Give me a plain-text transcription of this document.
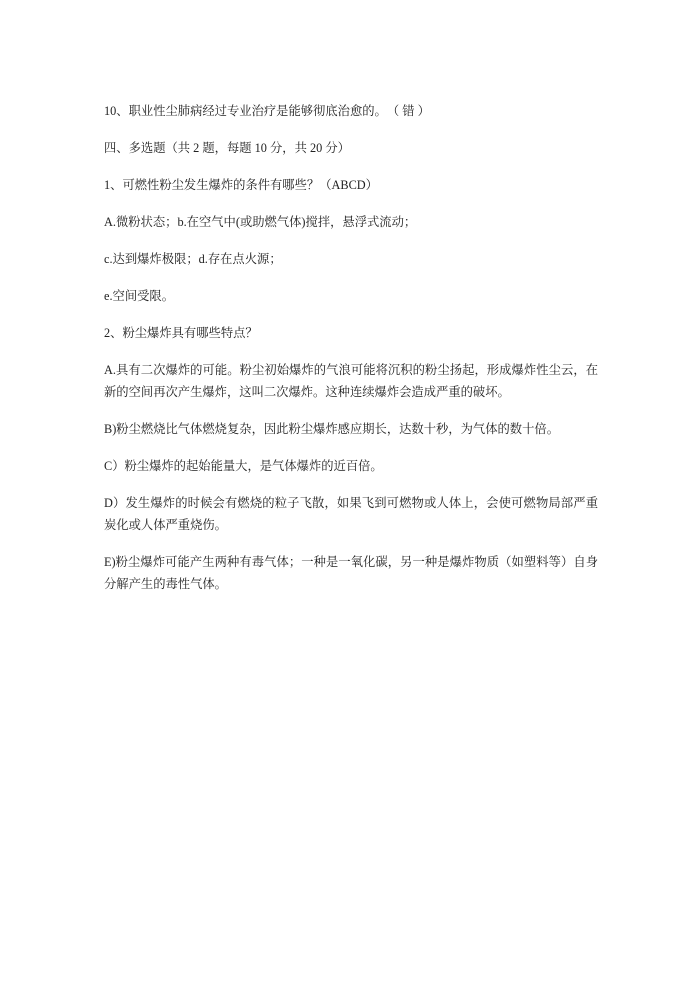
10、职业性尘肺病经过专业治疗是能够彻底治愈的。　（ 错 ）

四、多选题（共 2 题，每题 10 分，共 20 分）

1、可燃性粉尘发生爆炸的条件有哪些？（ABCD）

A.微粉状态；b.在空气中(或助燃气体)搅拌，悬浮式流动；

c.达到爆炸极限；d.存在点火源；

e.空间受限。

2、粉尘爆炸具有哪些特点？

A.具有二次爆炸的可能。粉尘初始爆炸的气浪可能将沉积的粉尘扬起，形成爆炸性尘云，在新的空间再次产生爆炸，这叫二次爆炸。这种连续爆炸会造成严重的破坏。

B)粉尘燃烧比气体燃烧复杂，因此粉尘爆炸感应期长，达数十秒，为气体的数十倍。

C）粉尘爆炸的起始能量大，是气体爆炸的近百倍。

D）发生爆炸的时候会有燃烧的粒子飞散，如果飞到可燃物或人体上，会使可燃物局部严重炭化或人体严重烧伤。

E)粉尘爆炸可能产生两种有毒气体；一种是一氧化碳，另一种是爆炸物质（如塑料等）自身分解产生的毒性气体。
